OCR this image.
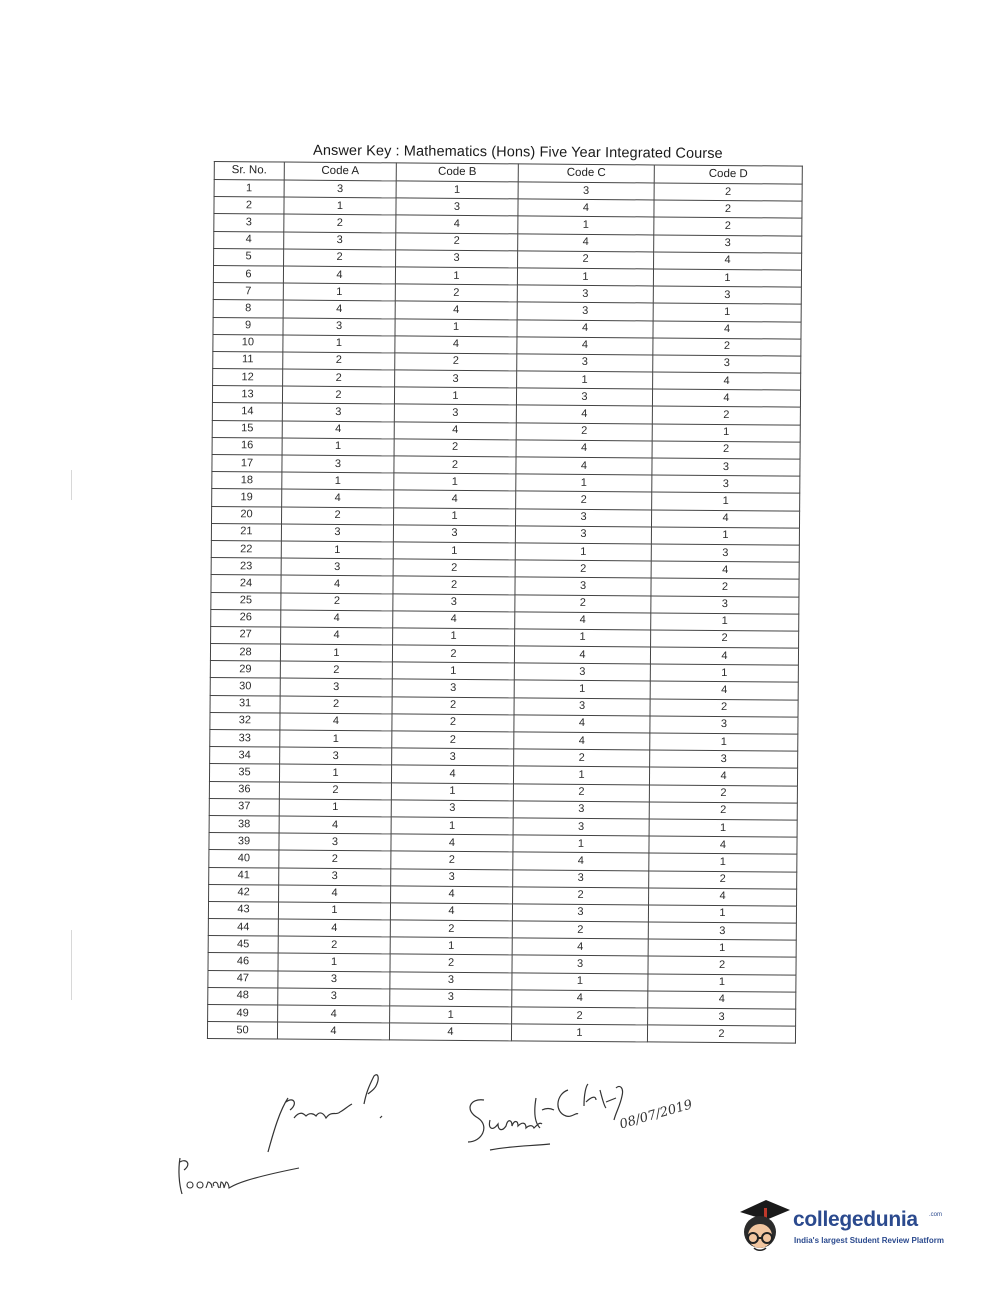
Answer Key : Mathematics (Hons) Five Year Integrated Course
Sr. No.	Code A	Code B	Code C	Code D
1	3	1	3	2
2	1	3	4	2
3	2	4	1	2
4	3	2	4	3
5	2	3	2	4
6	4	1	1	1
7	1	2	3	3
8	4	4	3	1
9	3	1	4	4
10	1	4	4	2
11	2	2	3	3
12	2	3	1	4
13	2	1	3	4
14	3	3	4	2
15	4	4	2	1
16	1	2	4	2
17	3	2	4	3
18	1	1	1	3
19	4	4	2	1
20	2	1	3	4
21	3	3	3	1
22	1	1	1	3
23	3	2	2	4
24	4	2	3	2
25	2	3	2	3
26	4	4	4	1
27	4	1	1	2
28	1	2	4	4
29	2	1	3	1
30	3	3	1	4
31	2	2	3	2
32	4	2	4	3
33	1	2	4	1
34	3	3	2	3
35	1	4	1	4
36	2	1	2	2
37	1	3	3	2
38	4	1	3	1
39	3	4	1	4
40	2	2	4	1
41	3	3	3	2
42	4	4	2	4
43	1	4	3	1
44	4	2	2	3
45	2	1	4	1
46	1	2	3	2
47	3	3	1	1
48	3	3	4	4
49	4	1	2	3
50	4	4	1	2
08/07/2019
collegedunia .com
India's largest Student Review Platform
